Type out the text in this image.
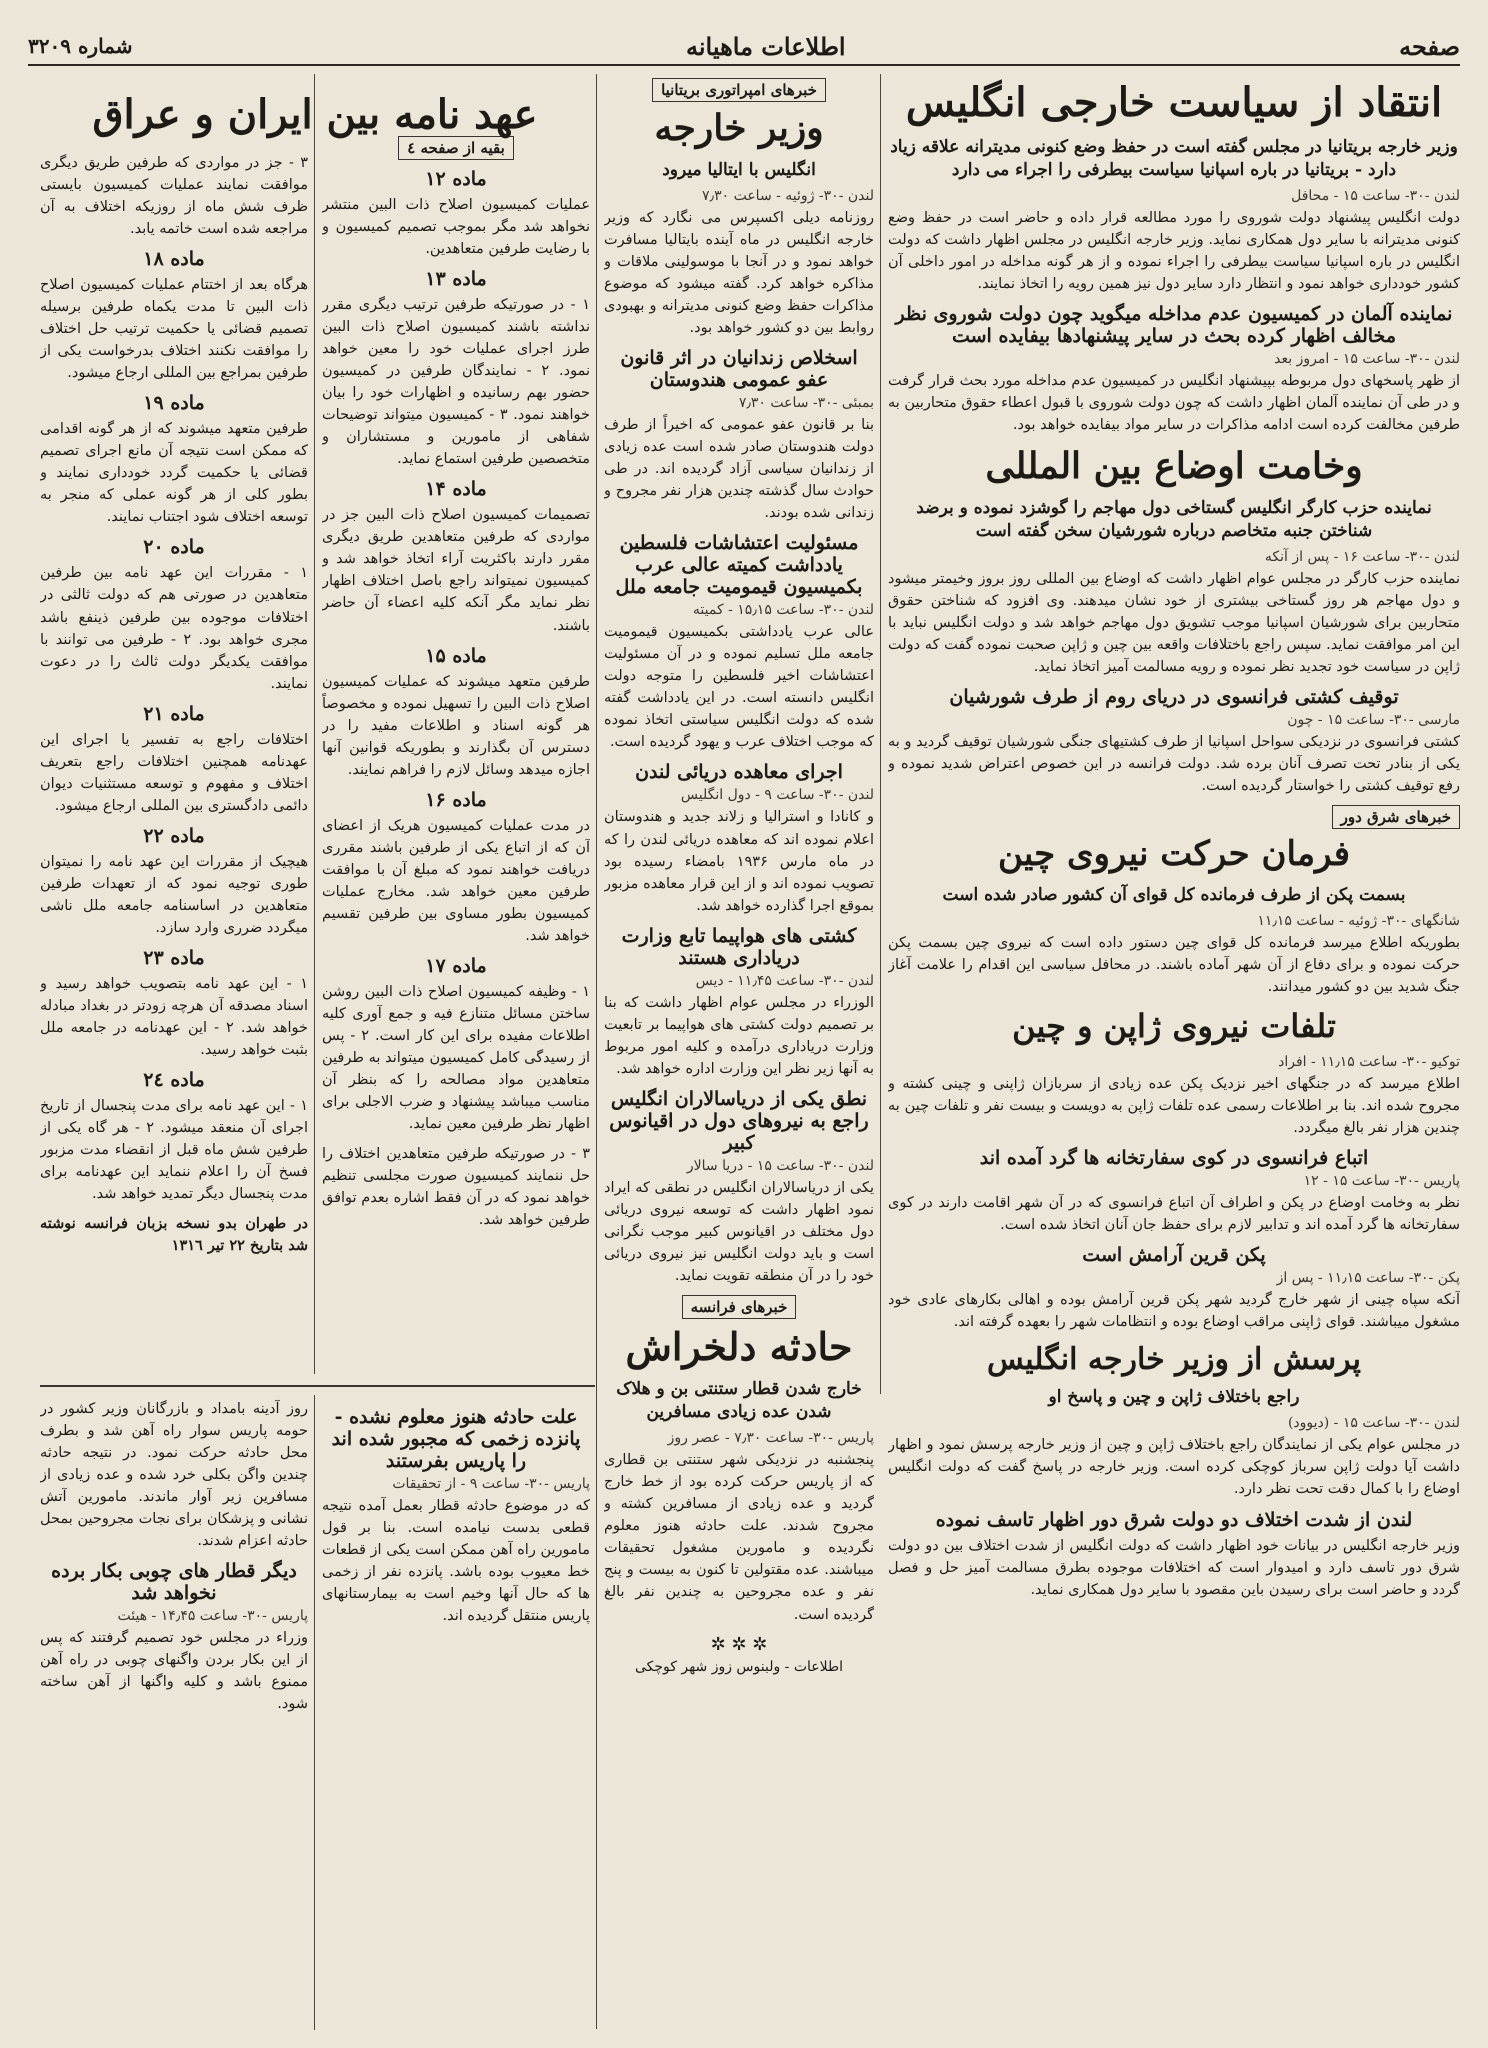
صفحه
اطلاعات ماهیانه
شماره ۳۲۰۹
انتقاد از سیاست خارجی انگلیس
وزیر خارجه بریتانیا در مجلس گفته است در حفظ وضع کنونی مدیترانه علاقه زیاد دارد - بریتانیا در باره اسپانیا سیاست بیطرفی را اجراء می دارد
لندن -۳۰- ساعت ۱۵ - محافل

دولت انگلیس پیشنهاد دولت شوروی را مورد مطالعه قرار داده و حاضر است در حفظ وضع کنونی مدیترانه با سایر دول همکاری نماید. وزیر خارجه انگلیس در مجلس اظهار داشت که دولت انگلیس در باره اسپانیا سیاست بیطرفی را اجراء نموده و از هر گونه مداخله در امور داخلی آن کشور خودداری خواهد نمود و انتظار دارد سایر دول نیز همین رویه را اتخاذ نمایند.

نماینده آلمان در کمیسیون عدم مداخله میگوید چون دولت شوروی نظر مخالف اظهار کرده بحث در سایر پیشنهادها بیفایده است
لندن -۳۰- ساعت ۱۵ - امروز بعد

از ظهر پاسخهای دول مربوطه بپیشنهاد انگلیس در کمیسیون عدم مداخله مورد بحث قرار گرفت و در طی آن نماینده آلمان اظهار داشت که چون دولت شوروی با قبول اعطاء حقوق متحاربین به طرفین مخالفت کرده است ادامه مذاکرات در سایر مواد بیفایده خواهد بود.

وخامت اوضاع بین المللی
نماینده حزب کارگر انگلیس گستاخی دول مهاجم را گوشزد نموده و برضد شناختن جنبه متخاصم درباره شورشیان سخن گفته است
لندن -۳۰- ساعت ۱۶ - پس از آنکه

نماینده حزب کارگر در مجلس عوام اظهار داشت که اوضاع بین المللی روز بروز وخیمتر میشود و دول مهاجم هر روز گستاخی بیشتری از خود نشان میدهند. وی افزود که شناختن حقوق متحاربین برای شورشیان اسپانیا موجب تشویق دول مهاجم خواهد شد و دولت انگلیس نباید با این امر موافقت نماید. سپس راجع باختلافات واقعه بین چین و ژاپن صحبت نموده گفت که دولت ژاپن در سیاست خود تجدید نظر نموده و رویه مسالمت آمیز اتخاذ نماید.

توقیف کشتی فرانسوی در دریای روم از طرف شورشیان
مارسی -۳۰- ساعت ۱۵ - چون

کشتی فرانسوی در نزدیکی سواحل اسپانیا از طرف کشتیهای جنگی شورشیان توقیف گردید و به یکی از بنادر تحت تصرف آنان برده شد. دولت فرانسه در این خصوص اعتراض شدید نموده و رفع توقیف کشتی را خواستار گردیده است.

خبرهای شرق دور
فرمان حرکت نیروی چین
بسمت پکن از طرف فرمانده کل قوای آن کشور صادر شده است
شانگهای -۳۰- ژوئیه - ساعت ۱۱٫۱۵

بطوریکه اطلاع میرسد فرمانده کل قوای چین دستور داده است که نیروی چین بسمت پکن حرکت نموده و برای دفاع از آن شهر آماده باشند. در محافل سیاسی این اقدام را علامت آغاز جنگ شدید بین دو کشور میدانند.

تلفات نیروی ژاپن و چین
توکیو -۳۰- ساعت ۱۱٫۱۵ - افراد

اطلاع میرسد که در جنگهای اخیر نزدیک پکن عده زیادی از سربازان ژاپنی و چینی کشته و مجروح شده اند. بنا بر اطلاعات رسمی عده تلفات ژاپن به دویست و بیست نفر و تلفات چین به چندین هزار نفر بالغ میگردد.

اتباع فرانسوی در کوی سفارتخانه ها گرد آمده اند
پاریس -۳۰- ساعت ۱۵ - ۱۲

نظر به وخامت اوضاع در پکن و اطراف آن اتباع فرانسوی که در آن شهر اقامت دارند در کوی سفارتخانه ها گرد آمده اند و تدابیر لازم برای حفظ جان آنان اتخاذ شده است.

پکن قرین آرامش است
پکن -۳۰- ساعت ۱۱٫۱۵ - پس از

آنکه سپاه چینی از شهر خارج گردید شهر پکن قرین آرامش بوده و اهالی بکارهای عادی خود مشغول میباشند. قوای ژاپنی مراقب اوضاع بوده و انتظامات شهر را بعهده گرفته اند.

پرسش از وزیر خارجه انگلیس
راجع باختلاف ژاپن و چین و پاسخ او
لندن -۳۰- ساعت ۱۵ - (دیوود)

در مجلس عوام یکی از نمایندگان راجع باختلاف ژاپن و چین از وزیر خارجه پرسش نمود و اظهار داشت آیا دولت ژاپن سرباز کوچکی کرده است. وزیر خارجه در پاسخ گفت که دولت انگلیس اوضاع را با کمال دقت تحت نظر دارد.

لندن از شدت اختلاف دو دولت شرق دور اظهار تاسف نموده

وزیر خارجه انگلیس در بیانات خود اظهار داشت که دولت انگلیس از شدت اختلاف بین دو دولت شرق دور تاسف دارد و امیدوار است که اختلافات موجوده بطرق مسالمت آمیز حل و فصل گردد و حاضر است برای رسیدن باین مقصود با سایر دول همکاری نماید.

خبرهای امپراتوری بریتانیا
وزیر خارجه
انگلیس با ایتالیا میرود
لندن -۳۰- ژوئیه - ساعت ۷٫۳۰

روزنامه دیلی اکسپرس می نگارد که وزیر خارجه انگلیس در ماه آینده بایتالیا مسافرت خواهد نمود و در آنجا با موسولینی ملاقات و مذاکره خواهد کرد. گفته میشود که موضوع مذاکرات حفظ وضع کنونی مدیترانه و بهبودی روابط بین دو کشور خواهد بود.

اسخلاص زندانیان در اثر قانون عفو عمومی هندوستان
بمبئی -۳۰- ساعت ۷٫۳۰

بنا بر قانون عفو عمومی که اخیراً از طرف دولت هندوستان صادر شده است عده زیادی از زندانیان سیاسی آزاد گردیده اند. در طی حوادث سال گذشته چندین هزار نفر مجروح و زندانی شده بودند.

مسئولیت اعتشاشات فلسطین یادداشت کمیته عالی عرب بکمیسیون قیمومیت جامعه ملل
لندن -۳۰- ساعت ۱۵٫۱۵ - کمیته

عالی عرب یادداشتی بکمیسیون قیمومیت جامعه ملل تسلیم نموده و در آن مسئولیت اعتشاشات اخیر فلسطین را متوجه دولت انگلیس دانسته است. در این یادداشت گفته شده که دولت انگلیس سیاستی اتخاذ نموده که موجب اختلاف عرب و یهود گردیده است.

اجرای معاهده دریائی لندن
لندن -۳۰- ساعت ۹ - دول انگلیس

و کانادا و استرالیا و زلاند جدید و هندوستان اعلام نموده اند که معاهده دریائی لندن را که در ماه مارس ۱۹۳۶ بامضاء رسیده بود تصویب نموده اند و از این قرار معاهده مزبور بموقع اجرا گذارده خواهد شد.

کشتی های هواپیما تابع وزارت دریاداری هستند
لندن -۳۰- ساعت ۱۱٫۴۵ - دیس

الوزراء در مجلس عوام اظهار داشت که بنا بر تصمیم دولت کشتی های هواپیما بر تابعیت وزارت دریاداری درآمده و کلیه امور مربوط به آنها زیر نظر این وزارت اداره خواهد شد.

نطق یکی از دریاسالاران انگلیس راجع به نیروهای دول در اقیانوس کبیر
لندن -۳۰- ساعت ۱۵ - دریا سالار

یکی از دریاسالاران انگلیس در نطقی که ایراد نمود اظهار داشت که توسعه نیروی دریائی دول مختلف در اقیانوس کبیر موجب نگرانی است و باید دولت انگلیس نیز نیروی دریائی خود را در آن منطقه تقویت نماید.

خبرهای فرانسه
حادثه دلخراش
خارج شدن قطار ستنتی بن و هلاک شدن عده زیادی مسافرین
پاریس -۳۰- ساعت ۷٫۳۰ - عصر روز

پنجشنبه در نزدیکی شهر ستنتی بن قطاری که از پاریس حرکت کرده بود از خط خارج گردید و عده زیادی از مسافرین کشته و مجروح شدند. علت حادثه هنوز معلوم نگردیده و مامورین مشغول تحقیقات میباشند. عده مقتولین تا کنون به بیست و پنج نفر و عده مجروحین به چندین نفر بالغ گردیده است.

✲ ✲ ✲
اطلاعات - ولبنوس زوز شهر کوچکی
بقیه از صفحه ٤
ماده ۱۲

عملیات کمیسیون اصلاح ذات البین منتشر نخواهد شد مگر بموجب تصمیم کمیسیون و با رضایت طرفین متعاهدین.

ماده ۱۳

۱ - در صورتیکه طرفین ترتیب دیگری مقرر نداشته باشند کمیسیون اصلاح ذات البین طرز اجرای عملیات خود را معین خواهد نمود. ۲ - نمایندگان طرفین در کمیسیون حضور بهم رسانیده و اظهارات خود را بیان خواهند نمود. ۳ - کمیسیون میتواند توضیحات شفاهی از مامورین و مستشاران و متخصصین طرفین استماع نماید.

ماده ۱۴

تصمیمات کمیسیون اصلاح ذات البین جز در مواردی که طرفین متعاهدین طریق دیگری مقرر دارند باکثریت آراء اتخاذ خواهد شد و کمیسیون نمیتواند راجع باصل اختلاف اظهار نظر نماید مگر آنکه کلیه اعضاء آن حاضر باشند.

ماده ۱۵

طرفین متعهد میشوند که عملیات کمیسیون اصلاح ذات البین را تسهیل نموده و مخصوصاً هر گونه اسناد و اطلاعات مفید را در دسترس آن بگذارند و بطوریکه قوانین آنها اجازه میدهد وسائل لازم را فراهم نمایند.

ماده ۱۶

در مدت عملیات کمیسیون هریک از اعضای آن که از اتباع یکی از طرفین باشند مقرری دریافت خواهند نمود که مبلغ آن با موافقت طرفین معین خواهد شد. مخارج عملیات کمیسیون بطور مساوی بین طرفین تقسیم خواهد شد.

ماده ۱۷

۱ - وظیفه کمیسیون اصلاح ذات البین روشن ساختن مسائل متنازع فیه و جمع آوری کلیه اطلاعات مفیده برای این کار است. ۲ - پس از رسیدگی کامل کمیسیون میتواند به طرفین متعاهدین مواد مصالحه را که بنظر آن مناسب میباشد پیشنهاد و ضرب الاجلی برای اظهار نظر طرفین معین نماید.

۳ - در صورتیکه طرفین متعاهدین اختلاف را حل ننمایند کمیسیون صورت مجلسی تنظیم خواهد نمود که در آن فقط اشاره بعدم توافق طرفین خواهد شد.

عهد نامه بین ایران و عراق

۳ - جز در مواردی که طرفین طریق دیگری موافقت نمایند عملیات کمیسیون بایستی ظرف شش ماه از روزیکه اختلاف به آن مراجعه شده است خاتمه یابد.

ماده ۱۸

هرگاه بعد از اختتام عملیات کمیسیون اصلاح ذات البین تا مدت یکماه طرفین برسیله تصمیم قضائی یا حکمیت ترتیب حل اختلاف را موافقت نکنند اختلاف بدرخواست یکی از طرفین بمراجع بین المللی ارجاع میشود.

ماده ۱۹

طرفین متعهد میشوند که از هر گونه اقدامی که ممکن است نتیجه آن مانع اجرای تصمیم قضائی یا حکمیت گردد خودداری نمایند و بطور کلی از هر گونه عملی که منجر به توسعه اختلاف شود اجتناب نمایند.

ماده ۲۰

۱ - مقررات این عهد نامه بین طرفین متعاهدین در صورتی هم که دولت ثالثی در اختلافات موجوده بین طرفین ذینفع باشد مجری خواهد بود. ۲ - طرفین می توانند با موافقت یکدیگر دولت ثالث را در دعوت نمایند.

ماده ۲۱

اختلافات راجع به تفسیر یا اجرای این عهدنامه همچنین اختلافات راجع بتعریف اختلاف و مفهوم و توسعه مستثنیات دیوان دائمی دادگستری بین المللی ارجاع میشود.

ماده ۲۲

هیچیک از مقررات این عهد نامه را نمیتوان طوری توجیه نمود که از تعهدات طرفین متعاهدین در اساسنامه جامعه ملل ناشی میگردد ضرری وارد سازد.

ماده ۲۳

۱ - این عهد نامه بتصویب خواهد رسید و اسناد مصدقه آن هرچه زودتر در بغداد مبادله خواهد شد. ۲ - این عهدنامه در جامعه ملل بثبت خواهد رسید.

ماده ۲٤

۱ - این عهد نامه برای مدت پنجسال از تاریخ اجرای آن منعقد میشود. ۲ - هر گاه یکی از طرفین شش ماه قبل از انقضاء مدت مزبور فسخ آن را اعلام ننماید این عهدنامه برای مدت پنجسال دیگر تمدید خواهد شد.

در طهران بدو نسخه بزبان فرانسه نوشته شد بتاریخ ۲۲ تیر ۱۳۱٦

علت حادثه هنوز معلوم نشده - پانزده زخمی که مجبور شده اند را پاریس بفرستند
پاریس -۳۰- ساعت ۹ - از تحقیقات

که در موضوع حادثه قطار بعمل آمده نتیجه قطعی بدست نیامده است. بنا بر قول مامورین راه آهن ممکن است یکی از قطعات خط معیوب بوده باشد. پانزده نفر از زخمی ها که حال آنها وخیم است به بیمارستانهای پاریس منتقل گردیده اند.

روز آدینه بامداد و بازرگانان وزیر کشور در حومه پاریس سوار راه آهن شد و بطرف محل حادثه حرکت نمود. در نتیجه حادثه چندین واگن بکلی خرد شده و عده زیادی از مسافرین زیر آوار ماندند. مامورین آتش نشانی و پزشکان برای نجات مجروحین بمحل حادثه اعزام شدند.

دیگر قطار های چوبی بکار برده نخواهد شد
پاریس -۳۰- ساعت ۱۴٫۴۵ - هیئت

وزراء در مجلس خود تصمیم گرفتند که پس از این بکار بردن واگنهای چوبی در راه آهن ممنوع باشد و کلیه واگنها از آهن ساخته شود.
